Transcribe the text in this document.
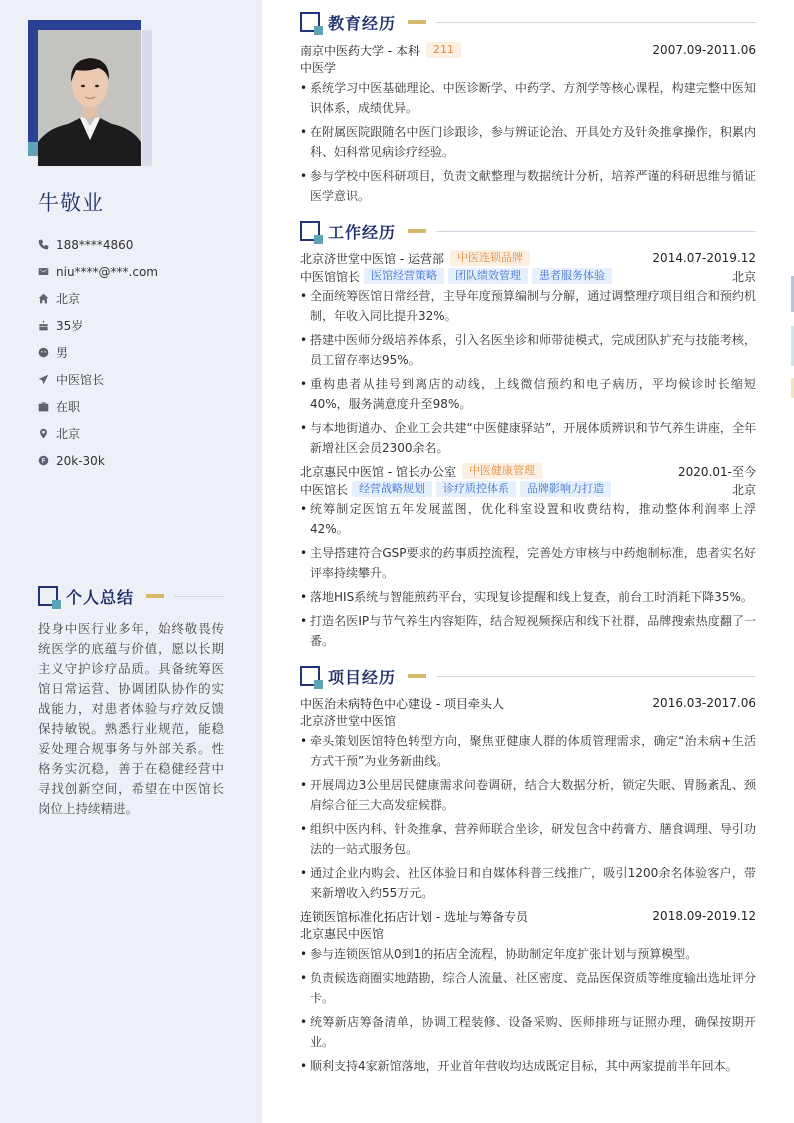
牛敬业
188****4860
niu****@***.com
北京
35岁
男
中医馆长
在职
北京
20k-30k
个人总结
投身中医行业多年，始终敬畏传统医学的底蕴与价值，愿以长期主义守护诊疗品质。具备统筹医馆日常运营、协调团队协作的实战能力，对患者体验与疗效反馈保持敏锐。熟悉行业规范，能稳妥处理合规事务与外部关系。性格务实沉稳，善于在稳健经营中寻找创新空间，希望在中医馆长岗位上持续精进。
教育经历
南京中医药大学 - 本科	211	2007.09-2011.06
中医学
• 系统学习中医基础理论、中医诊断学、中药学、方剂学等核心课程，构建完整中医知识体系，成绩优异。
• 在附属医院跟随名中医门诊跟诊，参与辨证论治、开具处方及针灸推拿操作，积累内科、妇科常见病诊疗经验。
• 参与学校中医科研项目，负责文献整理与数据统计分析，培养严谨的科研思维与循证医学意识。
工作经历
北京济世堂中医馆 - 运营部	中医连锁品牌	2014.07-2019.12
中医馆馆长	医馆经营策略	团队绩效管理	患者服务体验	北京
• 全面统筹医馆日常经营，主导年度预算编制与分解，通过调整理疗项目组合和预约机制，年收入同比提升32%。
• 搭建中医师分级培养体系，引入名医坐诊和师带徒模式，完成团队扩充与技能考核，员工留存率达95%。
• 重构患者从挂号到离店的动线，上线微信预约和电子病历，平均候诊时长缩短40%，服务满意度升至98%。
• 与本地街道办、企业工会共建“中医健康驿站”，开展体质辨识和节气养生讲座，全年新增社区会员2300余名。
北京惠民中医馆 - 馆长办公室	中医健康管理	2020.01-至今
中医馆长	经营战略规划	诊疗质控体系	品牌影响力打造	北京
• 统筹制定医馆五年发展蓝图，优化科室设置和收费结构，推动整体利润率上浮42%。
• 主导搭建符合GSP要求的药事质控流程，完善处方审核与中药炮制标准，患者实名好评率持续攀升。
• 落地HIS系统与智能煎药平台，实现复诊提醒和线上复查，前台工时消耗下降35%。
• 打造名医IP与节气养生内容矩阵，结合短视频探店和线下社群，品牌搜索热度翻了一番。
项目经历
中医治未病特色中心建设 - 项目牵头人	2016.03-2017.06
北京济世堂中医馆
• 牵头策划医馆特色转型方向，聚焦亚健康人群的体质管理需求，确定“治未病+生活方式干预”为业务新曲线。
• 开展周边3公里居民健康需求问卷调研，结合大数据分析，锁定失眠、胃肠紊乱、颈肩综合征三大高发症候群。
• 组织中医内科、针灸推拿、营养师联合坐诊，研发包含中药膏方、膳食调理、导引功法的一站式服务包。
• 通过企业内购会、社区体验日和自媒体科普三线推广，吸引1200余名体验客户，带来新增收入约55万元。
连锁医馆标准化拓店计划 - 选址与筹备专员	2018.09-2019.12
北京惠民中医馆
• 参与连锁医馆从0到1的拓店全流程，协助制定年度扩张计划与预算模型。
• 负责候选商圈实地踏勘，综合人流量、社区密度、竞品医保资质等维度输出选址评分卡。
• 统筹新店筹备清单，协调工程装修、设备采购、医师排班与证照办理，确保按期开业。
• 顺利支持4家新馆落地，开业首年营收均达成既定目标，其中两家提前半年回本。
